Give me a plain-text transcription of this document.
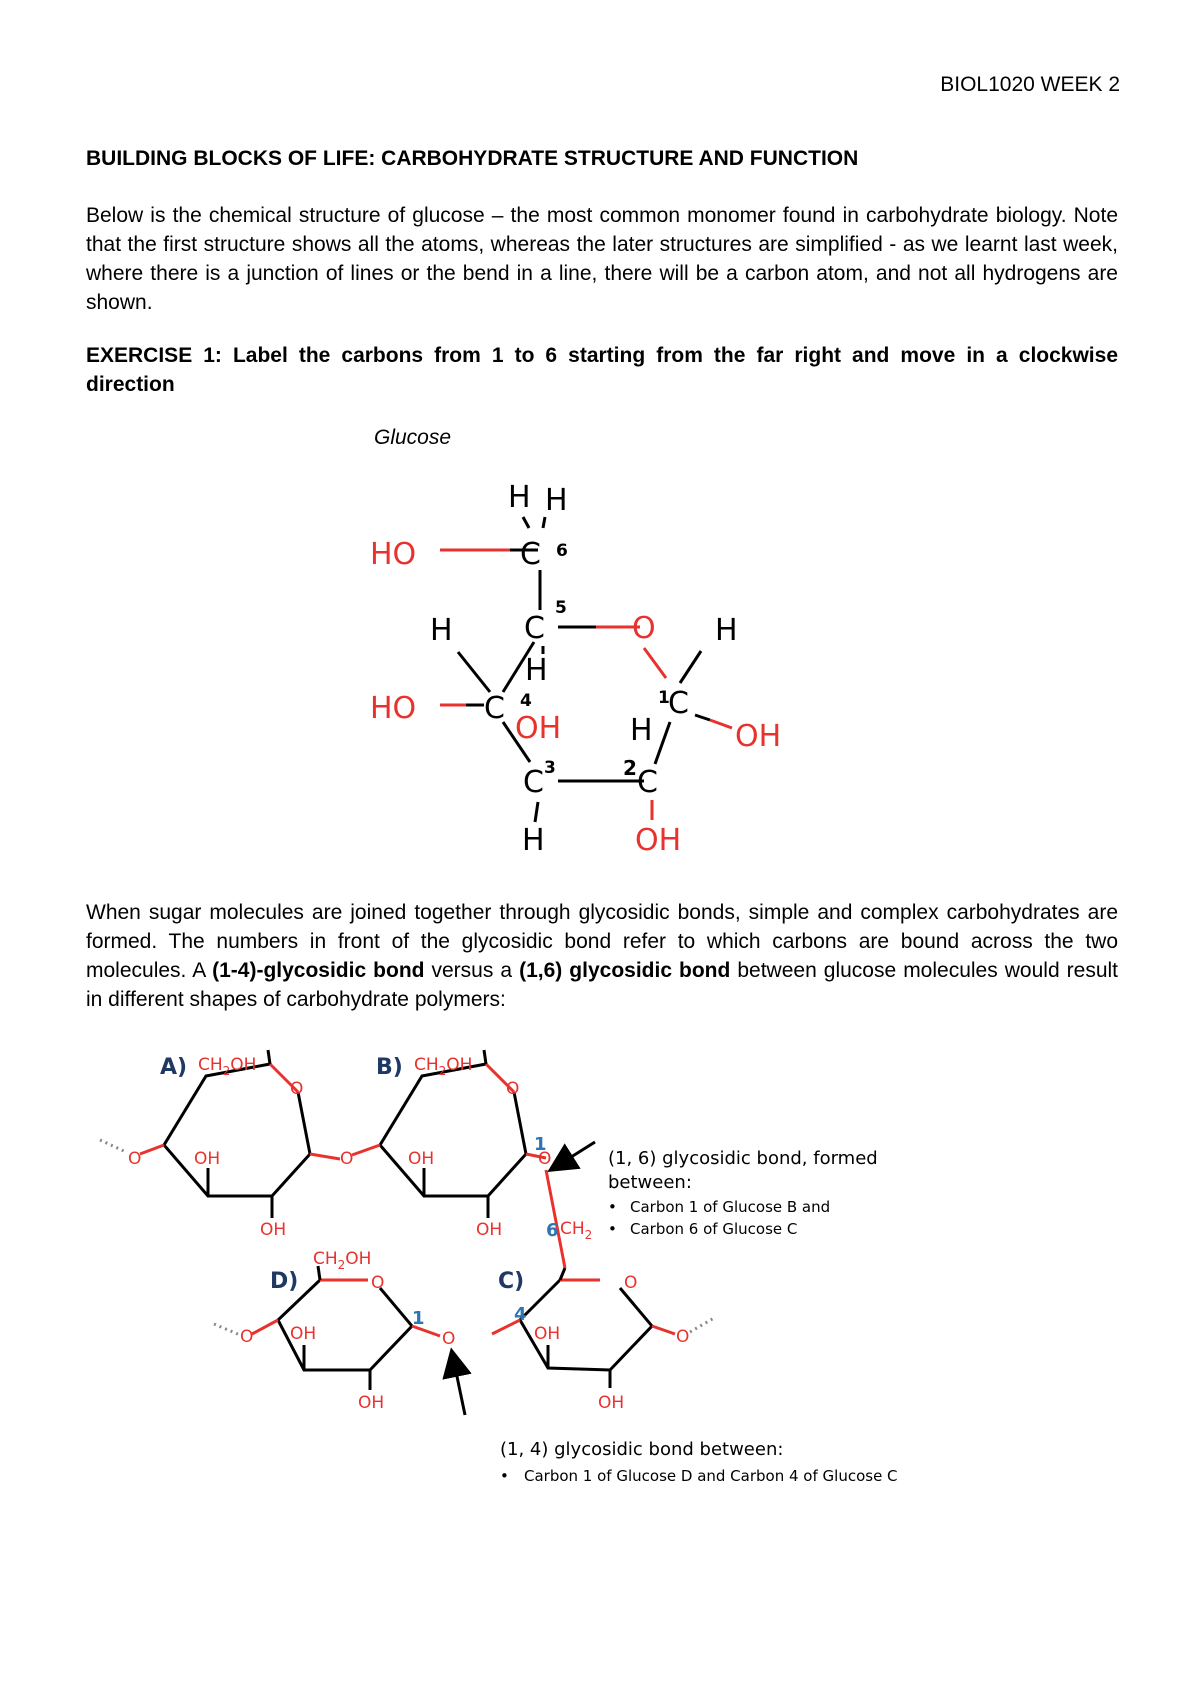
BIOL1020 WEEK 2
BUILDING BLOCKS OF LIFE: CARBOHYDRATE STRUCTURE AND FUNCTION
Below is the chemical structure of glucose – the most common monomer found in carbohydrate biology. Note that the first structure shows all the atoms, whereas the later structures are simplified - as we learnt last week, where there is a junction of lines or the bend in a line, there will be a carbon atom, and not all hydrogens are shown.
EXERCISE 1: Label the carbons from 1 to 6 starting from the far right and move in a clockwise direction
Glucose
H H
HO	C
H C	O H
H
HO C	C
OH H	OH
C	C
H	OH
1
2
3
4
5
6
When sugar molecules are joined together through glycosidic bonds, simple and complex carbohydrates are formed. The numbers in front of the glycosidic bond refer to which carbons are bound across the two molecules. A (1-4)-glycosidic bond versus a (1,6) glycosidic bond between glucose molecules would result in different shapes of carbohydrate polymers:
$CH_2OH$	$CH_2OH$
$CH_2OH$
$CH_2$
O	O
O	O
O	O	O
O	O	O
OH
OH
OH
OH
OH
OH
OH
OH
A)	B)
D)	C)
1
6
1	4
(1, 6) glycosidic bond, formed
between:
• Carbon 1 of Glucose B and
• Carbon 6 of Glucose C
(1, 4) glycosidic bond between:
• Carbon 1 of Glucose D and Carbon 4 of Glucose C
